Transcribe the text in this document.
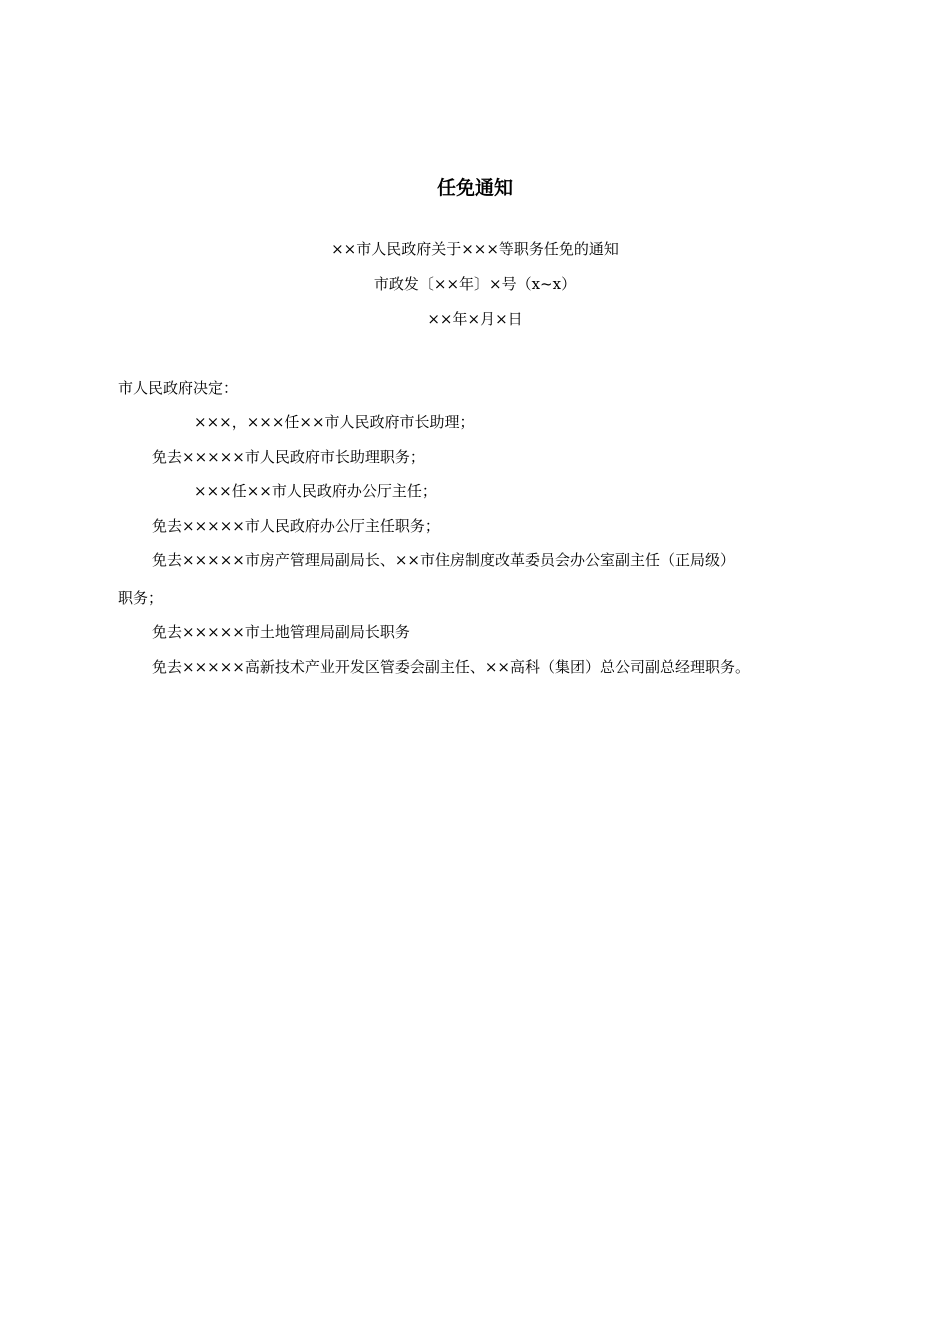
任免通知
××市人民政府关于×××等职务任免的通知
市政发〔××年〕×号（x~x）
××年×月×日
市人民政府决定：
×××，×××任××市人民政府市长助理；
免去×××××市人民政府市长助理职务；
×××任××市人民政府办公厅主任；
免去×××××市人民政府办公厅主任职务；
免去×××××市房产管理局副局长、××市住房制度改革委员会办公室副主任（正局级）
职务；
免去×××××市土地管理局副局长职务
免去×××××高新技术产业开发区管委会副主任、××高科（集团）总公司副总经理职务。
